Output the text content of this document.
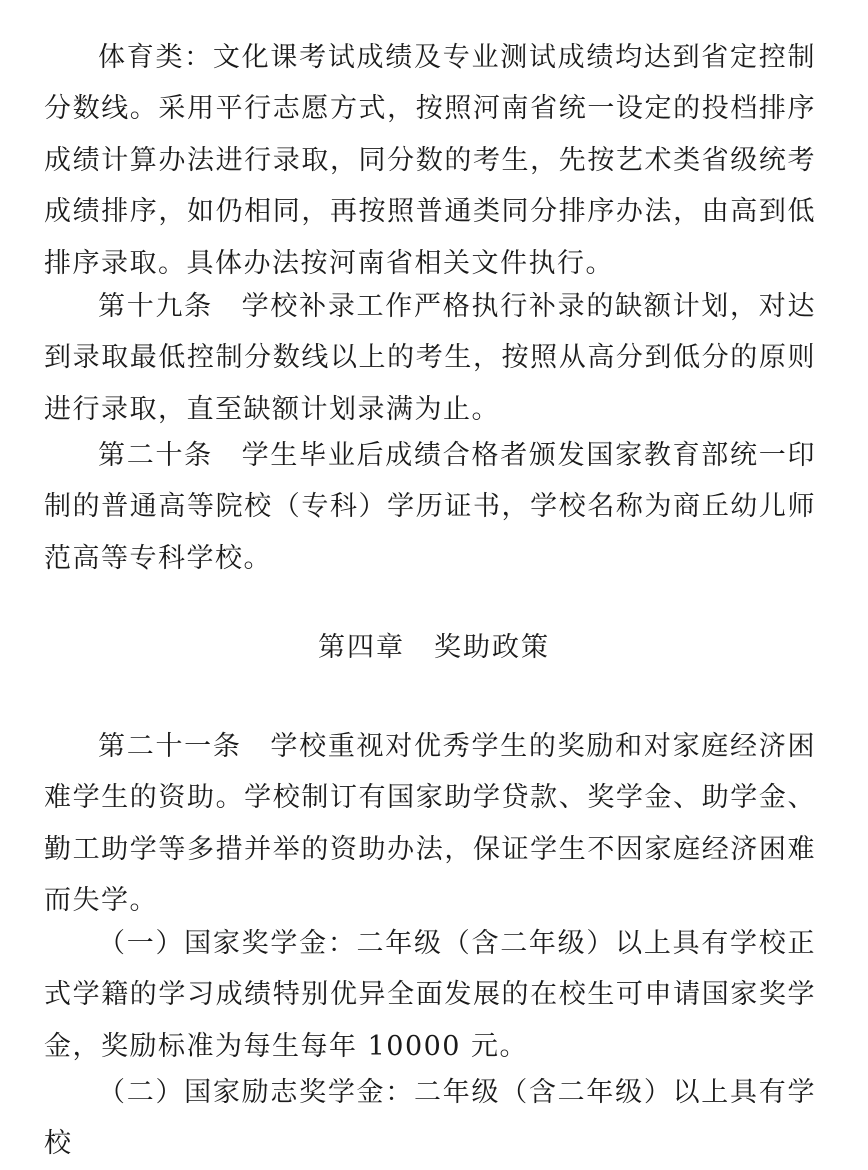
体育类：文化课考试成绩及专业测试成绩均达到省定控制分数线。采用平行志愿方式，按照河南省统一设定的投档排序成绩计算办法进行录取，同分数的考生，先按艺术类省级统考成绩排序，如仍相同，再按照普通类同分排序办法，由高到低排序录取。具体办法按河南省相关文件执行。

第十九条　学校补录工作严格执行补录的缺额计划，对达到录取最低控制分数线以上的考生，按照从高分到低分的原则进行录取，直至缺额计划录满为止。

第二十条　学生毕业后成绩合格者颁发国家教育部统一印制的普通高等院校（专科）学历证书，学校名称为商丘幼儿师范高等专科学校。

第四章　奖助政策

第二十一条　学校重视对优秀学生的奖励和对家庭经济困难学生的资助。学校制订有国家助学贷款、奖学金、助学金、勤工助学等多措并举的资助办法，保证学生不因家庭经济困难而失学。

（一）国家奖学金：二年级（含二年级）以上具有学校正式学籍的学习成绩特别优异全面发展的在校生可申请国家奖学金，奖励标准为每生每年 10000 元。

（二）国家励志奖学金：二年级（含二年级）以上具有学校
